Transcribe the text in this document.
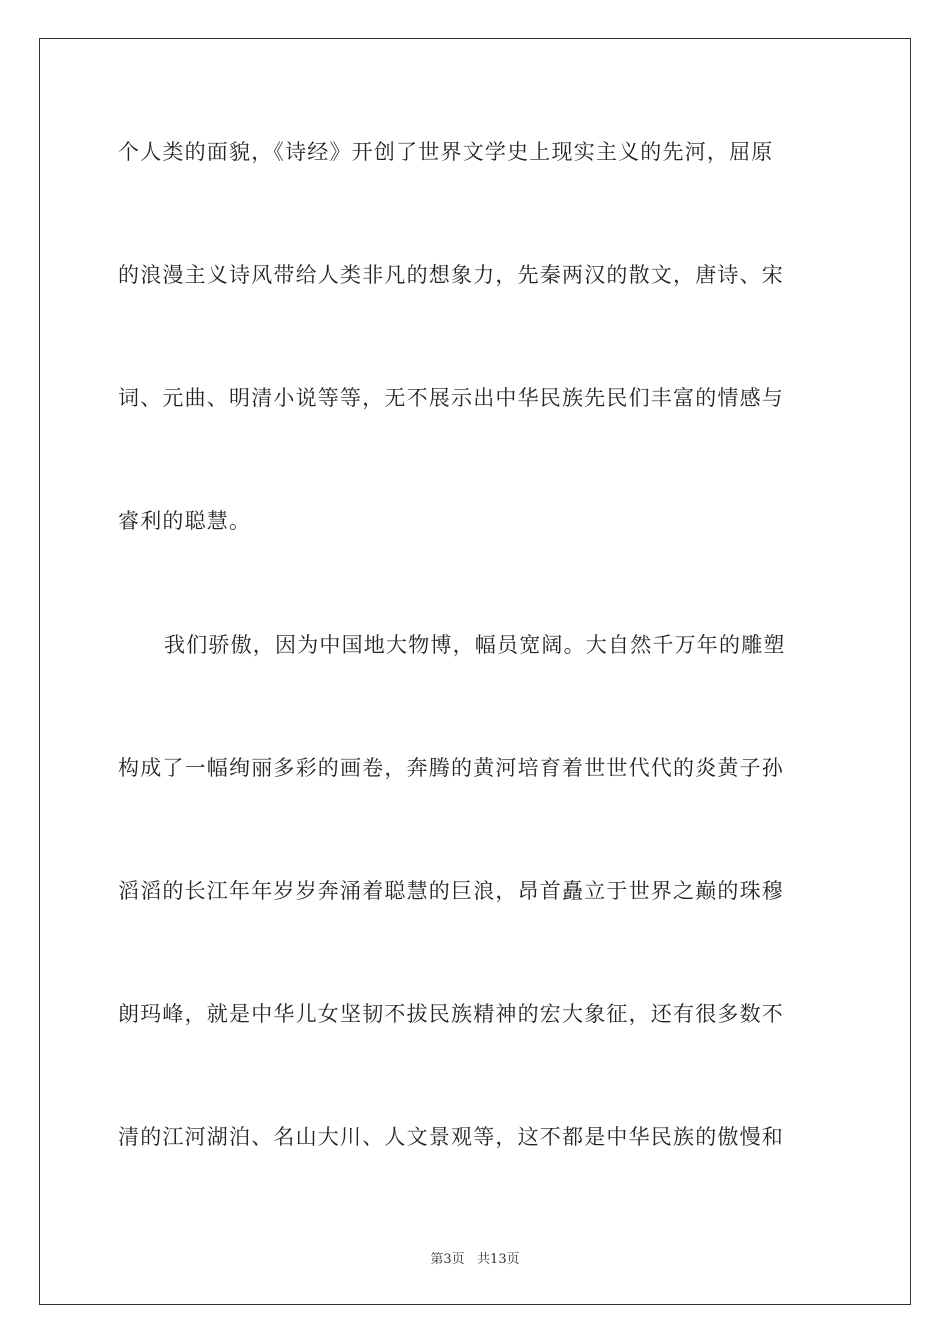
个人类的面貌，《诗经》开创了世界文学史上现实主义的先河，屈原
的浪漫主义诗风带给人类非凡的想象力，先秦两汉的散文，唐诗、宋
词、元曲、明清小说等等，无不展示出中华民族先民们丰富的情感与
睿利的聪慧。
我们骄傲，因为中国地大物博，幅员宽阔。大自然千万年的雕塑
构成了一幅绚丽多彩的画卷，奔腾的黄河培育着世世代代的炎黄子孙
滔滔的长江年年岁岁奔涌着聪慧的巨浪，昂首矗立于世界之巅的珠穆
朗玛峰，就是中华儿女坚韧不拔民族精神的宏大象征，还有很多数不
清的江河湖泊、名山大川、人文景观等，这不都是中华民族的傲慢和
第3页   共13页
